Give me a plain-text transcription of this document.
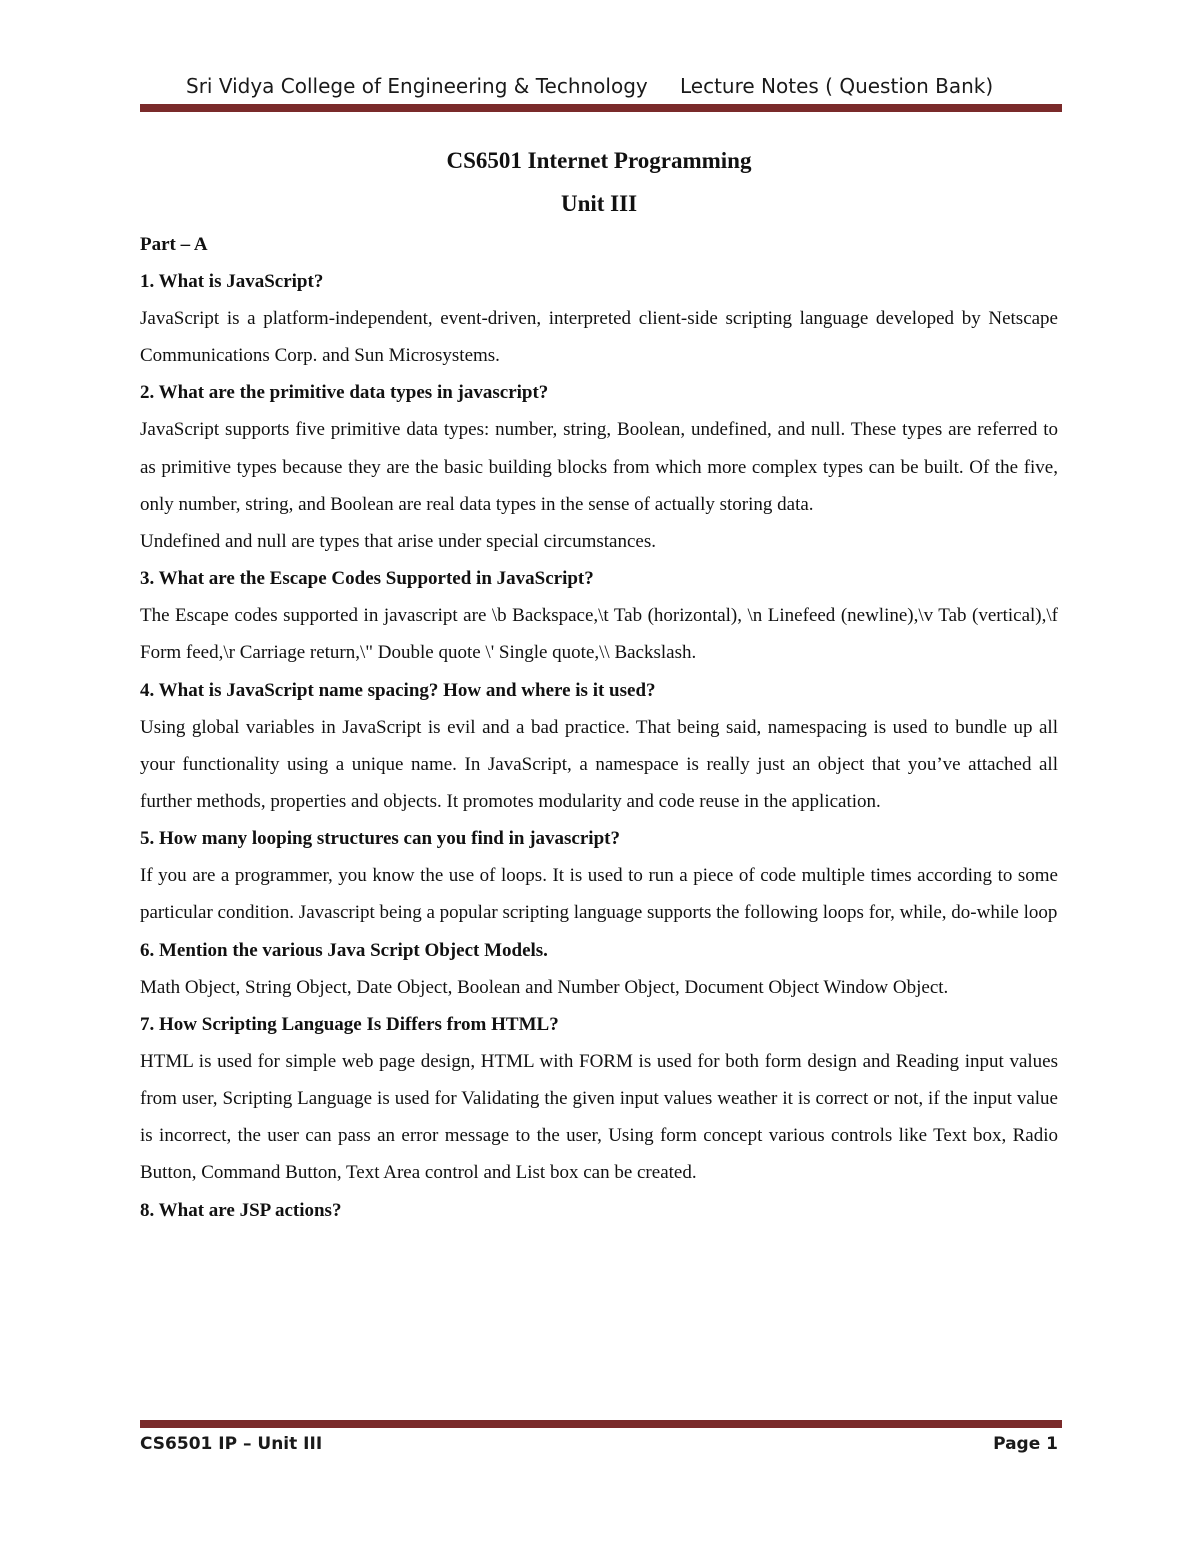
Sri Vidya College of Engineering & Technology Lecture Notes ( Question Bank)

CS6501 Internet Programming

Unit III

Part – A

1. What is JavaScript?

JavaScript is a platform-independent, event-driven, interpreted client-side scripting language developed by Netscape Communications Corp. and Sun Microsystems.

2. What are the primitive data types in javascript?

JavaScript supports five primitive data types: number, string, Boolean, undefined, and null. These types are referred to as primitive types because they are the basic building blocks from which more complex types can be built. Of the five, only number, string, and Boolean are real data types in the sense of actually storing data.

Undefined and null are types that arise under special circumstances.

3. What are the Escape Codes Supported in JavaScript?

The Escape codes supported in javascript are \b Backspace,\t Tab (horizontal), \n Linefeed (newline),\v Tab (vertical),\f Form feed,\r Carriage return,\" Double quote \' Single quote,\\ Backslash.

4. What is JavaScript name spacing? How and where is it used?

Using global variables in JavaScript is evil and a bad practice. That being said, namespacing is used to bundle up all your functionality using a unique name. In JavaScript, a namespace is really just an object that you’ve attached all further methods, properties and objects. It promotes modularity and code reuse in the application.

5. How many looping structures can you find in javascript?

If you are a programmer, you know the use of loops. It is used to run a piece of code multiple times according to some particular condition. Javascript being a popular scripting language supports the following loops for, while, do-while loop

6. Mention the various Java Script Object Models.

Math Object, String Object, Date Object, Boolean and Number Object, Document Object Window Object.

7. How Scripting Language Is Differs from HTML?

HTML is used for simple web page design, HTML with FORM is used for both form design and Reading input values from user, Scripting Language is used for Validating the given input values weather it is correct or not, if the input value is incorrect, the user can pass an error message to the user, Using form concept various controls like Text box, Radio Button, Command Button, Text Area control and List box can be created.

8. What are JSP actions?

CS6501 IP – Unit III	Page 1
